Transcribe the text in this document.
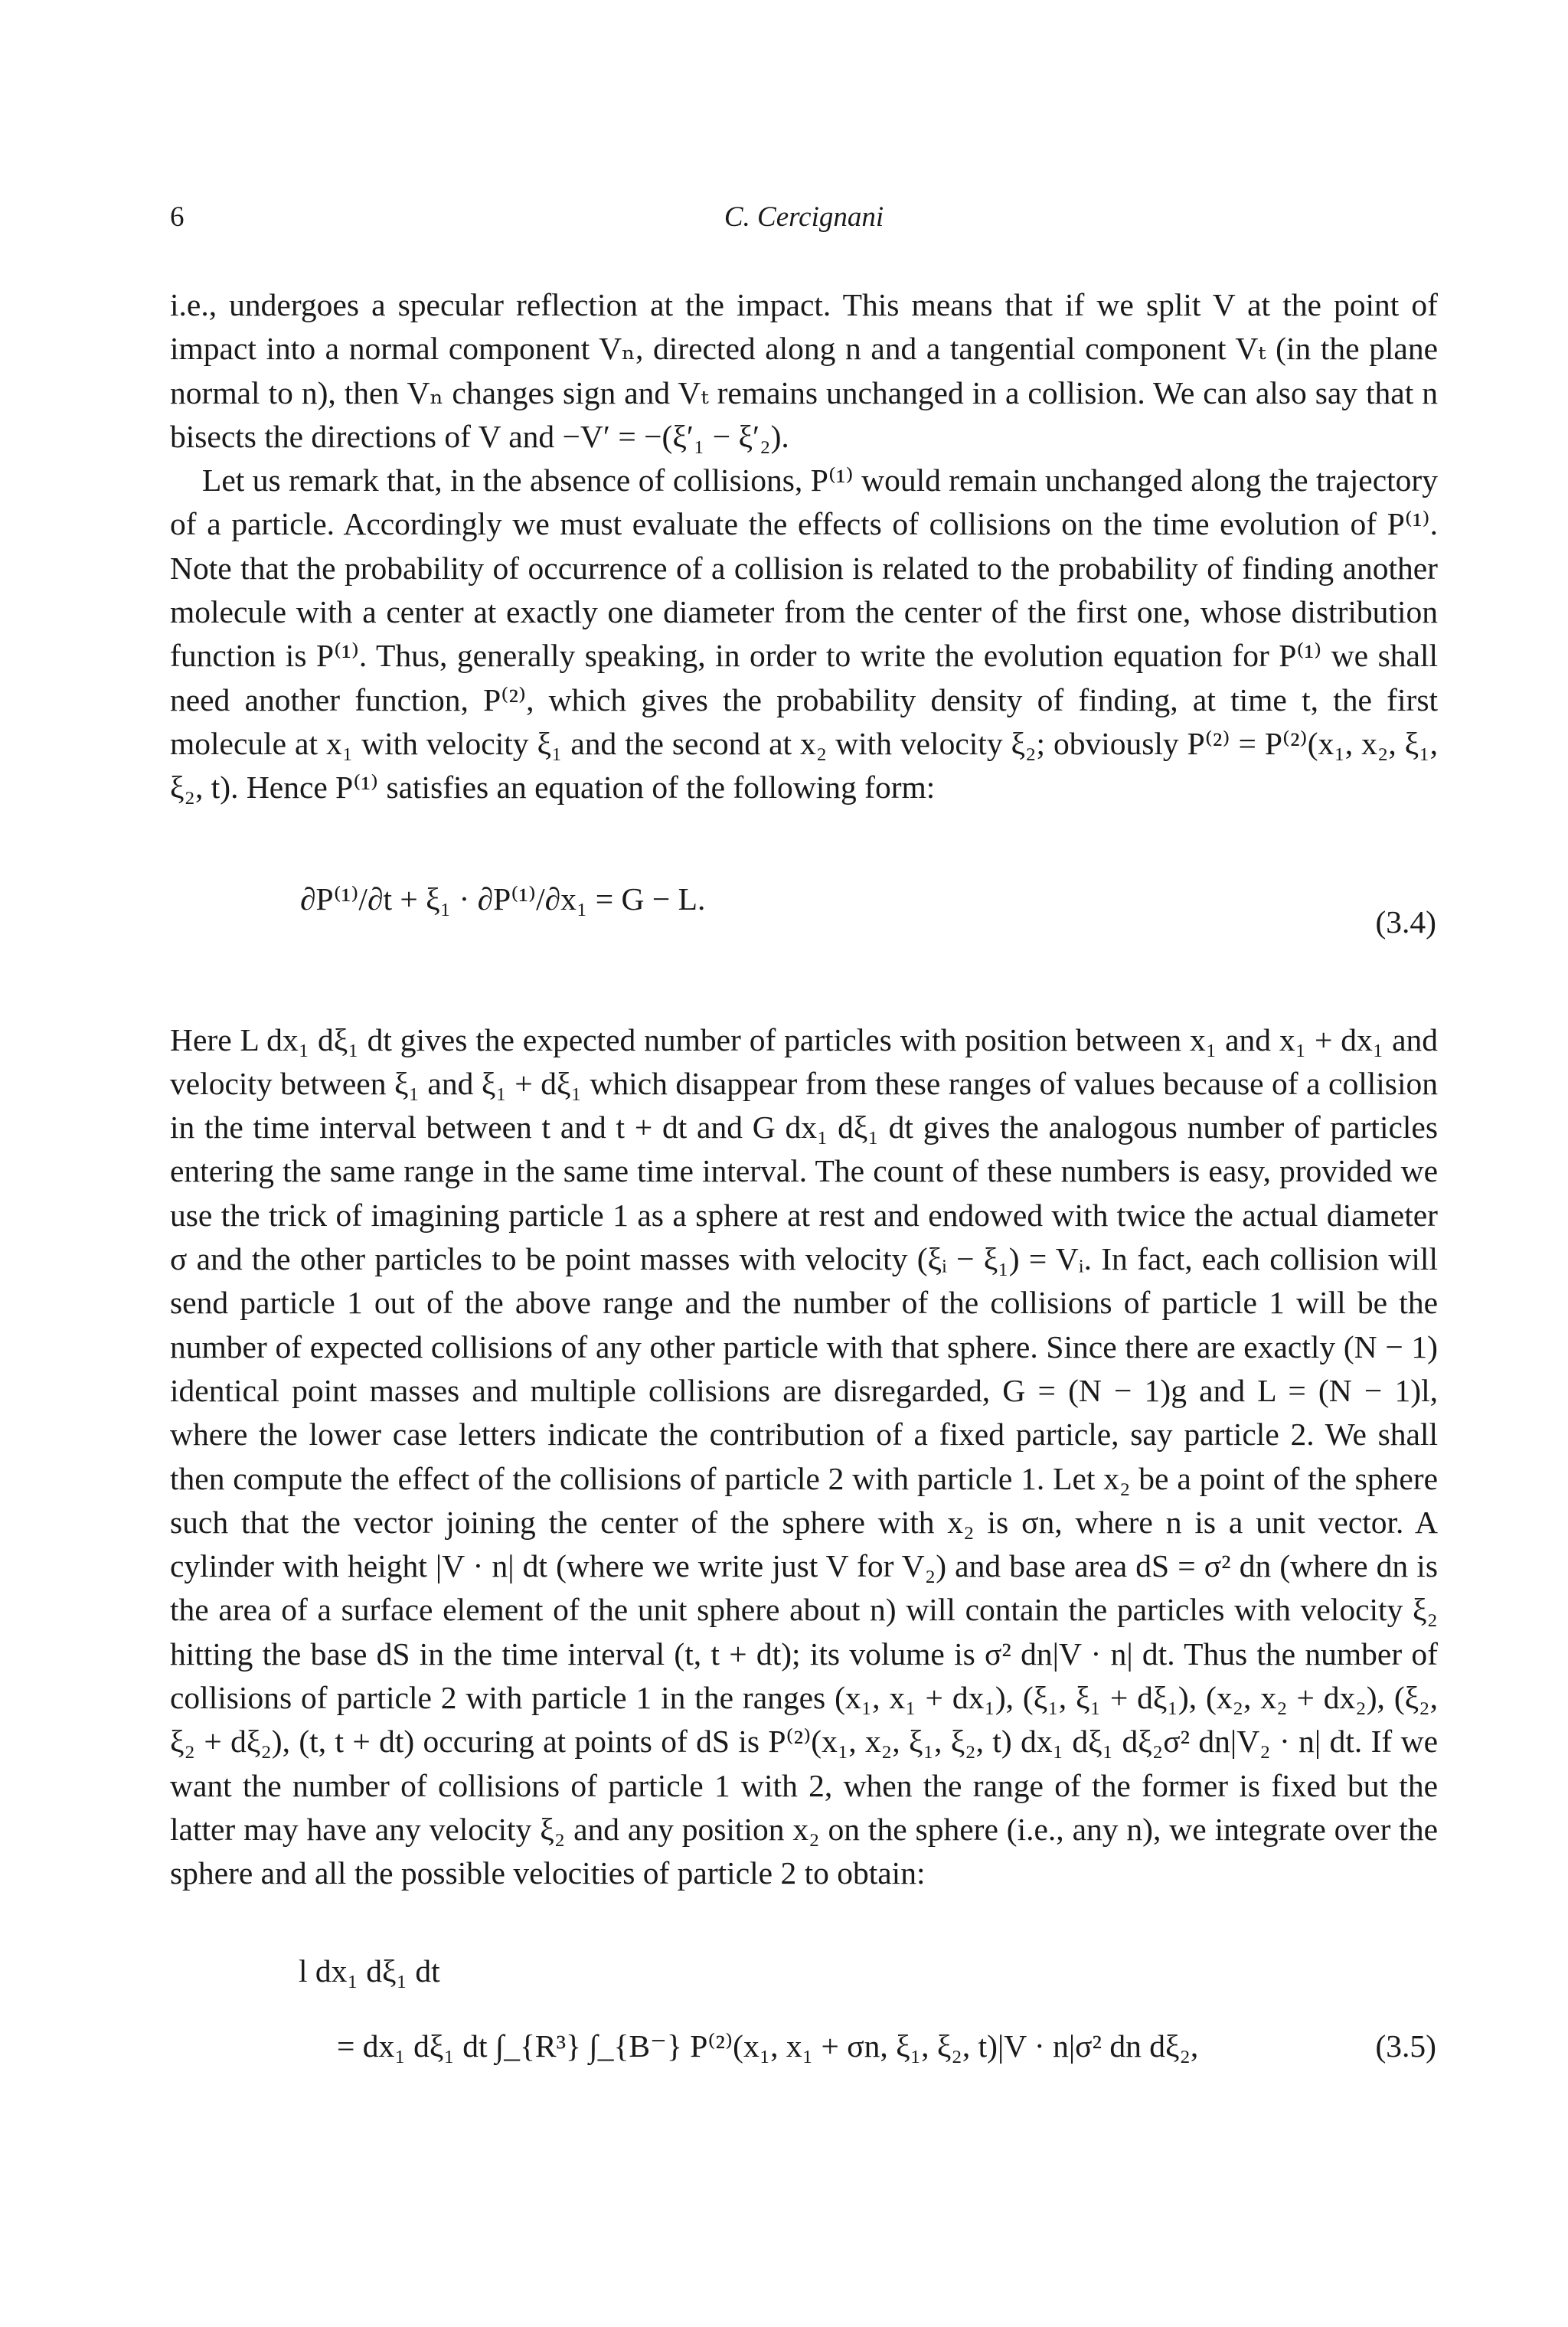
6	C. Cercignani

i.e., undergoes a specular reflection at the impact. This means that if we split V at the point of impact into a normal component Vₙ, directed along n and a tangential component Vₜ (in the plane normal to n), then Vₙ changes sign and Vₜ remains unchanged in a collision. We can also say that n bisects the directions of V and −V′ = −(ξ′₁ − ξ′₂).

Let us remark that, in the absence of collisions, P⁽¹⁾ would remain unchanged along the trajectory of a particle. Accordingly we must evaluate the effects of collisions on the time evolution of P⁽¹⁾. Note that the probability of occurrence of a collision is related to the probability of finding another molecule with a center at exactly one diameter from the center of the first one, whose distribution function is P⁽¹⁾. Thus, generally speaking, in order to write the evolution equation for P⁽¹⁾ we shall need another function, P⁽²⁾, which gives the probability density of finding, at time t, the first molecule at x₁ with velocity ξ₁ and the second at x₂ with velocity ξ₂; obviously P⁽²⁾ = P⁽²⁾(x₁, x₂, ξ₁, ξ₂, t). Hence P⁽¹⁾ satisfies an equation of the following form:

∂P⁽¹⁾/∂t + ξ₁ · ∂P⁽¹⁾/∂x₁ = G − L.
(3.4)

Here L dx₁ dξ₁ dt gives the expected number of particles with position between x₁ and x₁ + dx₁ and velocity between ξ₁ and ξ₁ + dξ₁ which disappear from these ranges of values because of a collision in the time interval between t and t + dt and G dx₁ dξ₁ dt gives the analogous number of particles entering the same range in the same time interval. The count of these numbers is easy, provided we use the trick of imagining particle 1 as a sphere at rest and endowed with twice the actual diameter σ and the other particles to be point masses with velocity (ξᵢ − ξ₁) = Vᵢ. In fact, each collision will send particle 1 out of the above range and the number of the collisions of particle 1 will be the number of expected collisions of any other particle with that sphere. Since there are exactly (N − 1) identical point masses and multiple collisions are disregarded, G = (N − 1)g and L = (N − 1)l, where the lower case letters indicate the contribution of a fixed particle, say particle 2. We shall then compute the effect of the collisions of particle 2 with particle 1. Let x₂ be a point of the sphere such that the vector joining the center of the sphere with x₂ is σn, where n is a unit vector. A cylinder with height |V · n| dt (where we write just V for V₂) and base area dS = σ² dn (where dn is the area of a surface element of the unit sphere about n) will contain the particles with velocity ξ₂ hitting the base dS in the time interval (t, t + dt); its volume is σ² dn|V · n| dt. Thus the number of collisions of particle 2 with particle 1 in the ranges (x₁, x₁ + dx₁), (ξ₁, ξ₁ + dξ₁), (x₂, x₂ + dx₂), (ξ₂, ξ₂ + dξ₂), (t, t + dt) occuring at points of dS is P⁽²⁾(x₁, x₂, ξ₁, ξ₂, t) dx₁ dξ₁ dξ₂σ² dn|V₂ · n| dt. If we want the number of collisions of particle 1 with 2, when the range of the former is fixed but the latter may have any velocity ξ₂ and any position x₂ on the sphere (i.e., any n), we integrate over the sphere and all the possible velocities of particle 2 to obtain:

l dx₁ dξ₁ dt
= dx₁ dξ₁ dt ∫_{R³} ∫_{B⁻} P⁽²⁾(x₁, x₁ + σn, ξ₁, ξ₂, t)|V · n|σ² dn dξ₂,	(3.5)
